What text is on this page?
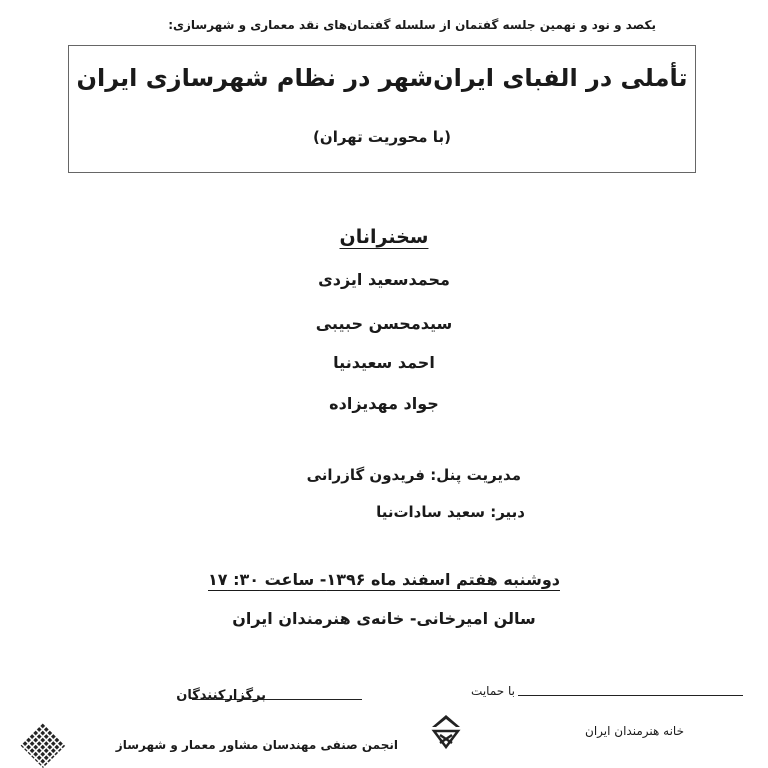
یکصد و نود و نهمین جلسه گفتمان از سلسله گفتمان‌های نقد معماری و شهرسازی:
تأملی در الفبای ایران‌شهر در نظام شهرسازی ایران
(با محوریت تهران)
سخنرانان
محمدسعید ایزدی
سیدمحسن حبیبی
احمد سعیدنیا
جواد مهدیزاده
مدیریت پنل: فریدون گازرانی
دبیر: سعید سادات‌نیا
دوشنبه هفتم اسفند ماه ۱۳۹۶- ساعت ۳۰: ۱۷
سالن امیرخانی- خانه‌ی هنرمندان ایران
با حمایت
خانه هنرمندان ایران
برگزارکنندگان
انجمن صنفی مهندسان مشاور معمار و شهرساز
